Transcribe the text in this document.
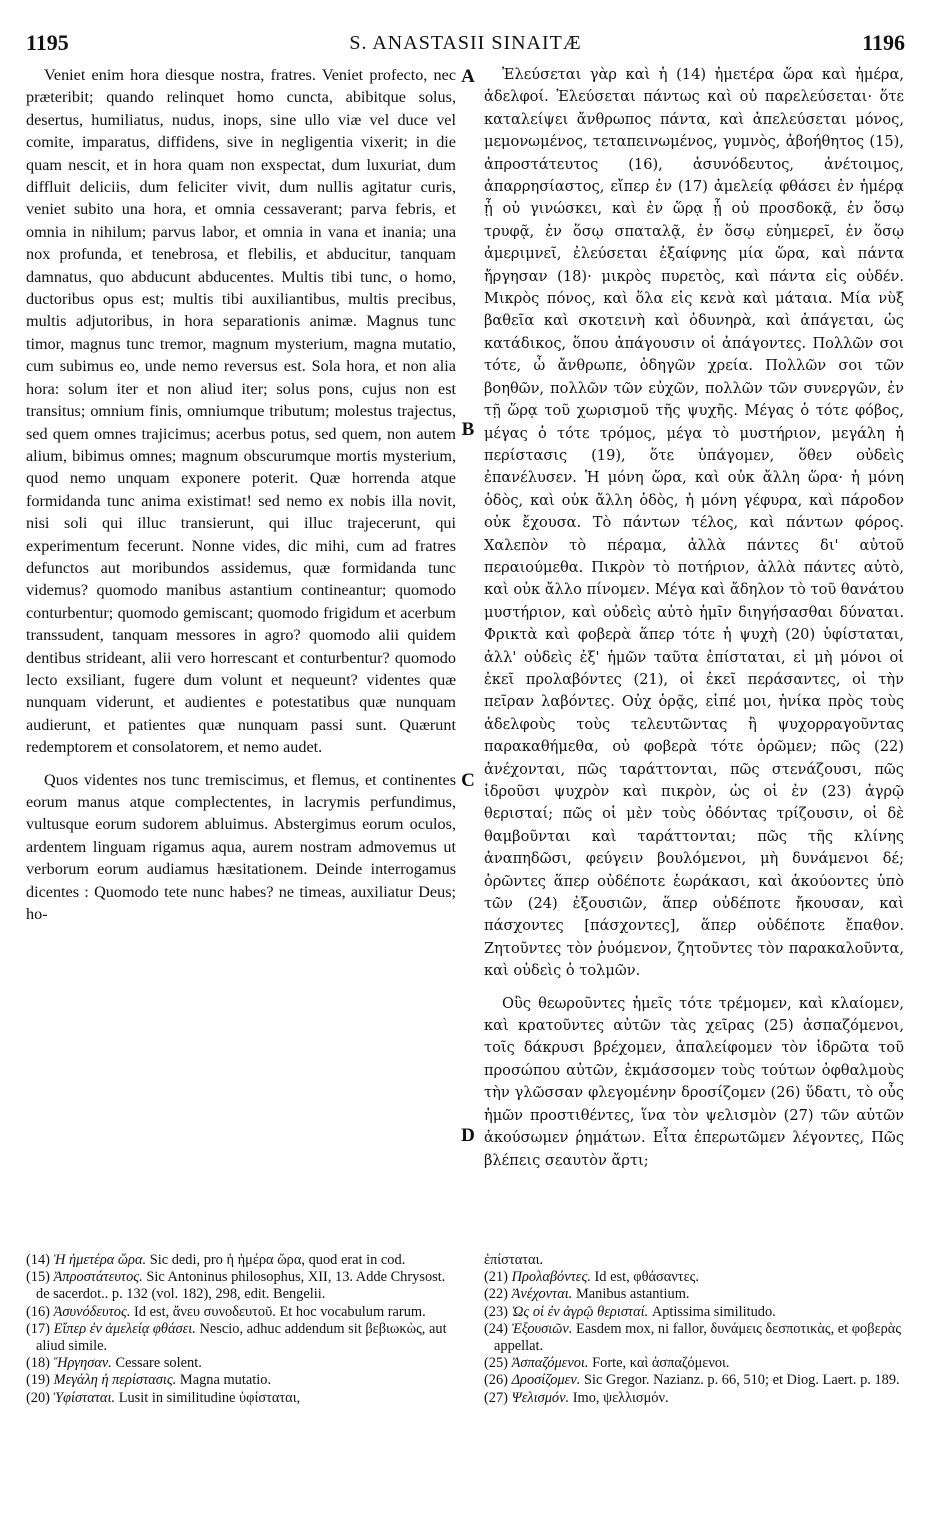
1195	S. ANASTASII SINAITÆ	1196

Veniet enim hora diesque nostra, fratres. Veniet profecto, nec præteribit; quando relinquet homo cuncta, abibitque solus, desertus, humiliatus, nudus, inops, sine ullo viæ vel duce vel comite, imparatus, diffidens, sive in negligentia vixerit; in die quam nescit, et in hora quam non exspectat, dum luxuriat, dum diffluit deliciis, dum feliciter vivit, dum nullis agitatur curis, veniet subito una hora, et omnia cessaverant; parva febris, et omnia in nihilum; parvus labor, et omnia in vana et inania; una nox profunda, et tenebrosa, et flebilis, et abducitur, tanquam damnatus, quo abducunt abducentes. Multis tibi tunc, o homo, ductoribus opus est; multis tibi auxiliantibus, multis precibus, multis adjutoribus, in hora separationis animæ. Magnus tunc timor, magnus tunc tremor, magnum mysterium, magna mutatio, cum subimus eo, unde nemo reversus est. Sola hora, et non alia hora: solum iter et non aliud iter; solus pons, cujus non est transitus; omnium finis, omniumque tributum; molestus trajectus, sed quem omnes trajicimus; acerbus potus, sed quem, non autem alium, bibimus omnes; magnum obscurumque mortis mysterium, quod nemo unquam exponere poterit. Quæ horrenda atque formidanda tunc anima existimat! sed nemo ex nobis illa novit, nisi soli qui illuc transierunt, qui illuc trajecerunt, qui experimentum fecerunt. Nonne vides, dic mihi, cum ad fratres defunctos aut moribundos assidemus, quæ formidanda tunc videmus? quomodo manibus astantium contineantur; quomodo conturbentur; quomodo gemiscant; quomodo frigidum et acerbum transsudent, tanquam messores in agro? quomodo alii quidem dentibus strideant, alii vero horrescant et conturbentur? quomodo lecto exsiliant, fugere dum volunt et nequeunt? videntes quæ nunquam viderunt, et audientes e potestatibus quæ nunquam audierunt, et patientes quæ nunquam passi sunt. Quærunt redemptorem et consolatorem, et nemo audet.

Quos videntes nos tunc tremiscimus, et flemus, et continentes eorum manus atque complectentes, in lacrymis perfundimus, vultusque eorum sudorem abluimus. Abstergimus eorum oculos, ardentem linguam rigamus aqua, aurem nostram admovemus ut verborum eorum audiamus hæsitationem. Deinde interrogamus dicentes : Quomodo tete nunc habes? ne timeas, auxiliatur Deus; ho-

A
B
C
D

Ἐλεύσεται γὰρ καὶ ἡ (14) ἡμετέρα ὥρα καὶ ἡμέρα, ἀδελφοί. Ἐλεύσεται πάντως καὶ οὐ παρελεύσεται· ὅτε καταλείψει ἄνθρωπος πάντα, καὶ ἀπελεύσεται μόνος, μεμονωμένος, τεταπεινωμένος, γυμνὸς, ἀβοήθητος (15), ἀπροστάτευτος (16), ἀσυνόδευτος, ἀνέτοιμος, ἀπαρρησίαστος, εἴπερ ἐν (17) ἀμελείᾳ φθάσει ἐν ἡμέρᾳ ᾗ οὐ γινώσκει, καὶ ἐν ὥρᾳ ᾗ οὐ προσδοκᾷ, ἐν ὅσῳ τρυφᾷ, ἐν ὅσῳ σπαταλᾷ, ἐν ὅσῳ εὐημερεῖ, ἐν ὅσῳ ἀμεριμνεῖ, ἐλεύσεται ἐξαίφνης μία ὥρα, καὶ πάντα ἤργησαν (18)· μικρὸς πυρετὸς, καὶ πάντα εἰς οὐδέν. Μικρὸς πόνος, καὶ ὅλα εἰς κενὰ καὶ μάταια. Μία νὺξ βαθεῖα καὶ σκοτεινὴ καὶ ὀδυνηρὰ, καὶ ἀπάγεται, ὡς κατάδικος, ὅπου ἀπάγουσιν οἱ ἀπάγοντες. Πολλῶν σοι τότε, ὦ ἄνθρωπε, ὁδηγῶν χρεία. Πολλῶν σοι τῶν βοηθῶν, πολλῶν τῶν εὐχῶν, πολλῶν τῶν συνεργῶν, ἐν τῇ ὥρᾳ τοῦ χωρισμοῦ τῆς ψυχῆς. Μέγας ὁ τότε φόβος, μέγας ὁ τότε τρόμος, μέγα τὸ μυστήριον, μεγάλη ἡ περίστασις (19), ὅτε ὑπάγομεν, ὅθεν οὐδεὶς ἐπανέλυσεν. Ἡ μόνη ὥρα, καὶ οὐκ ἄλλη ὥρα· ἡ μόνη ὁδὸς, καὶ οὐκ ἄλλη ὁδὸς, ἡ μόνη γέφυρα, καὶ πάροδον οὐκ ἔχουσα. Τὸ πάντων τέλος, καὶ πάντων φόρος. Χαλεπὸν τὸ πέραμα, ἀλλὰ πάντες δι' αὐτοῦ περαιούμεθα. Πικρὸν τὸ ποτήριον, ἀλλὰ πάντες αὐτὸ, καὶ οὐκ ἄλλο πίνομεν. Μέγα καὶ ἄδηλον τὸ τοῦ θανάτου μυστήριον, καὶ οὐδεὶς αὐτὸ ἡμῖν διηγήσασθαι δύναται. Φρικτὰ καὶ φοβερὰ ἅπερ τότε ἡ ψυχὴ (20) ὑφίσταται, ἀλλ' οὐδεὶς ἐξ' ἡμῶν ταῦτα ἐπίσταται, εἰ μὴ μόνοι οἱ ἐκεῖ προλαβόντες (21), οἱ ἐκεῖ περάσαντες, οἱ τὴν πεῖραν λαβόντες. Οὐχ ὁρᾷς, εἰπέ μοι, ἡνίκα πρὸς τοὺς ἀδελφοὺς τοὺς τελευτῶντας ἢ ψυχορραγοῦντας παρακαθήμεθα, οὐ φοβερὰ τότε ὁρῶμεν; πῶς (22) ἀνέχονται, πῶς ταράττονται, πῶς στενάζουσι, πῶς ἱδροῦσι ψυχρὸν καὶ πικρὸν, ὡς οἱ ἐν (23) ἀγρῷ θερισταί; πῶς οἱ μὲν τοὺς ὀδόντας τρίζουσιν, οἱ δὲ θαμβοῦνται καὶ ταράττονται; πῶς τῆς κλίνης ἀναπηδῶσι, φεύγειν βουλόμενοι, μὴ δυνάμενοι δέ; ὁρῶντες ἅπερ οὐδέποτε ἑωράκασι, καὶ ἀκούοντες ὑπὸ τῶν (24) ἐξουσιῶν, ἅπερ οὐδέποτε ἤκουσαν, καὶ πάσχοντες [πάσχοντες], ἅπερ οὐδέποτε ἔπαθον. Ζητοῦντες τὸν ῥυόμενον, ζητοῦντες τὸν παρακαλοῦντα, καὶ οὐδεὶς ὁ τολμῶν.

Οὓς θεωροῦντες ἡμεῖς τότε τρέμομεν, καὶ κλαίομεν, καὶ κρατοῦντες αὐτῶν τὰς χεῖρας (25) ἀσπαζόμενοι, τοῖς δάκρυσι βρέχομεν, ἀπαλείφομεν τὸν ἱδρῶτα τοῦ προσώπου αὐτῶν, ἐκμάσσομεν τοὺς τούτων ὀφθαλμοὺς τὴν γλῶσσαν φλεγομένην δροσίζομεν (26) ὕδατι, τὸ οὖς ἡμῶν προστιθέντες, ἵνα τὸν ψελισμὸν (27) τῶν αὐτῶν ἀκούσωμεν ῥημάτων. Εἶτα ἐπερωτῶμεν λέγοντες, Πῶς βλέπεις σεαυτὸν ἄρτι;

(14) Ἡ ἡμετέρα ὥρα. Sic dedi, pro ἡ ἡμέρα ὥρα, quod erat in cod.

(15) Ἀπροστάτευτος. Sic Antoninus philosophus, XII, 13. Adde Chrysost. de sacerdot.. p. 132 (vol. 182), 298, edit. Bengelii.

(16) Ἀσυνόδευτος. Id est, ἄνευ συνοδευτοῦ. Et hoc vocabulum rarum.

(17) Εἴπερ ἐν ἀμελείᾳ φθάσει. Nescio, adhuc addendum sit βεβιωκὼς, aut aliud simile.

(18) Ἤργησαν. Cessare solent.

(19) Μεγάλη ἡ περίστασις. Magna mutatio.

(20) Ὑφίσταται. Lusit in similitudine ὑφίσταται,

ἐπίσταται.

(21) Προλαβόντες. Id est, φθάσαντες.

(22) Ἀνέχονται. Manibus astantium.

(23) Ὡς οἱ ἐν ἀγρῷ θερισταί. Aptissima similitudo.

(24) Ἐξουσιῶν. Easdem mox, ni fallor, δυνάμεις δεσποτικὰς, et φοβερὰς appellat.

(25) Ἀσπαζόμενοι. Forte, καὶ ἀσπαζόμενοι.

(26) Δροσίζομεν. Sic Gregor. Nazianz. p. 66, 510; et Diog. Laert. p. 189.

(27) Ψελισμόν. Imo, ψελλισμόν.
